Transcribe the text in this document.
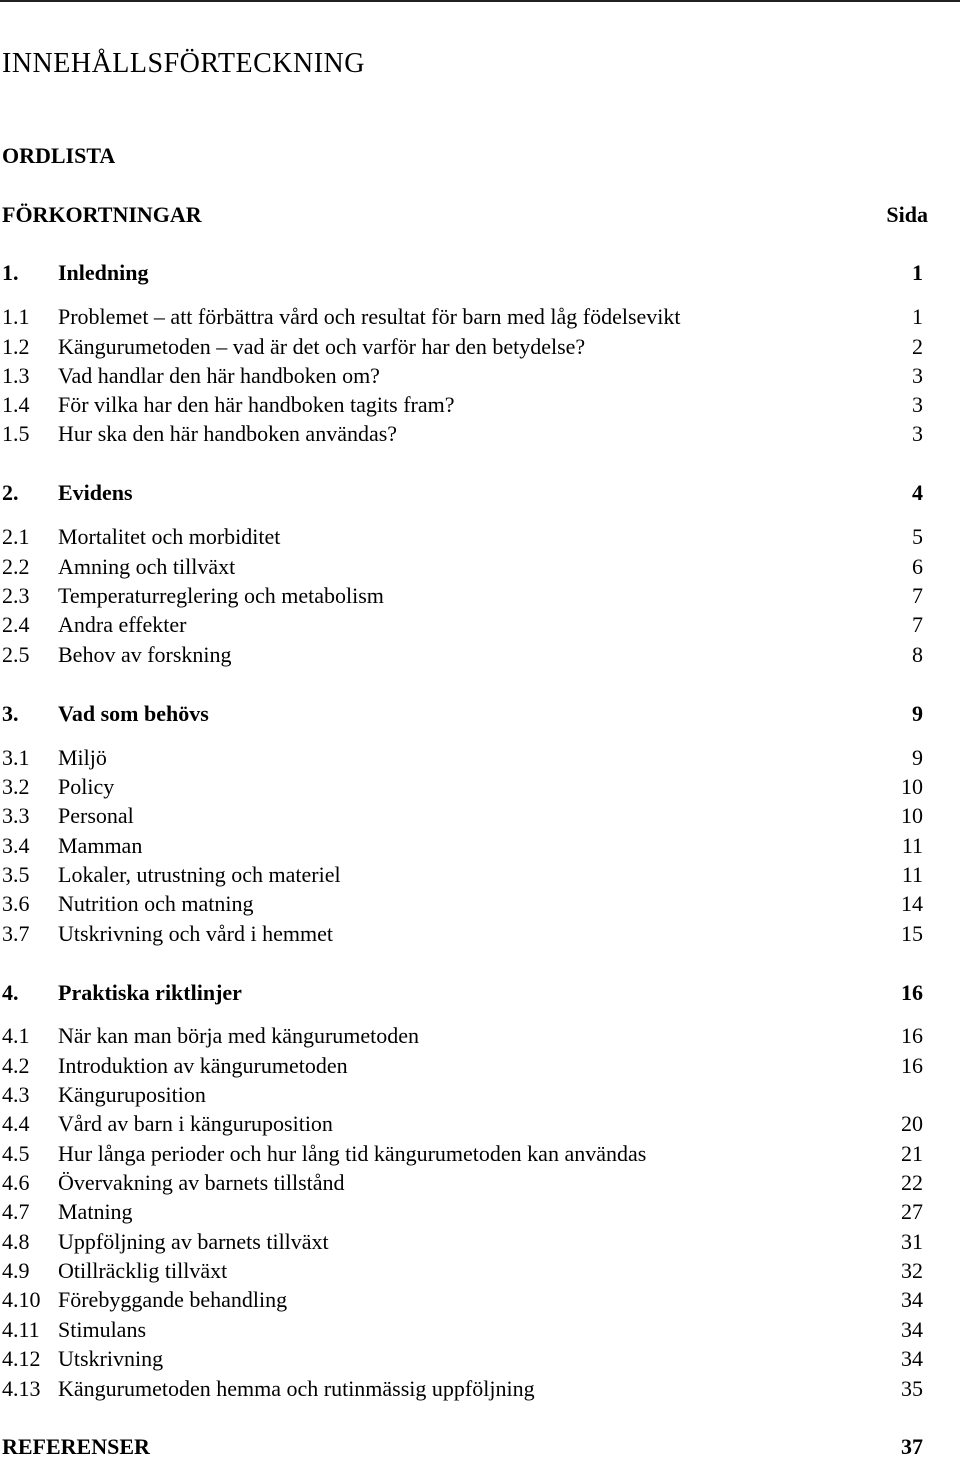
INNEHÅLLSFÖRTECKNING
ORDLISTA
FÖRKORTNINGAR	Sida
1. Inledning	1
1.1 Problemet – att förbättra vård och resultat för barn med låg födelsevikt	1
1.2 Kängurumetoden – vad är det och varför har den betydelse?	2
1.3 Vad handlar den här handboken om?	3
1.4 För vilka har den här handboken tagits fram?	3
1.5 Hur ska den här handboken användas?	3
2. Evidens	4
2.1 Mortalitet och morbiditet	5
2.2 Amning och tillväxt	6
2.3 Temperaturreglering och metabolism	7
2.4 Andra effekter	7
2.5 Behov av forskning	8
3. Vad som behövs	9
3.1 Miljö	9
3.2 Policy	10
3.3 Personal	10
3.4 Mamman	11
3.5 Lokaler, utrustning och materiel	11
3.6 Nutrition och matning	14
3.7 Utskrivning och vård i hemmet	15
4. Praktiska riktlinjer	16
4.1 När kan man börja med kängurumetoden	16
4.2 Introduktion av kängurumetoden	16
4.3 Känguruposition
4.4 Vård av barn i känguruposition	20
4.5 Hur långa perioder och hur lång tid kängurumetoden kan användas	21
4.6 Övervakning av barnets tillstånd	22
4.7 Matning	27
4.8 Uppföljning av barnets tillväxt	31
4.9 Otillräcklig tillväxt	32
4.10 Förebyggande behandling	34
4.11 Stimulans	34
4.12 Utskrivning	34
4.13 Kängurumetoden hemma och rutinmässig uppföljning	35
REFERENSER	37
